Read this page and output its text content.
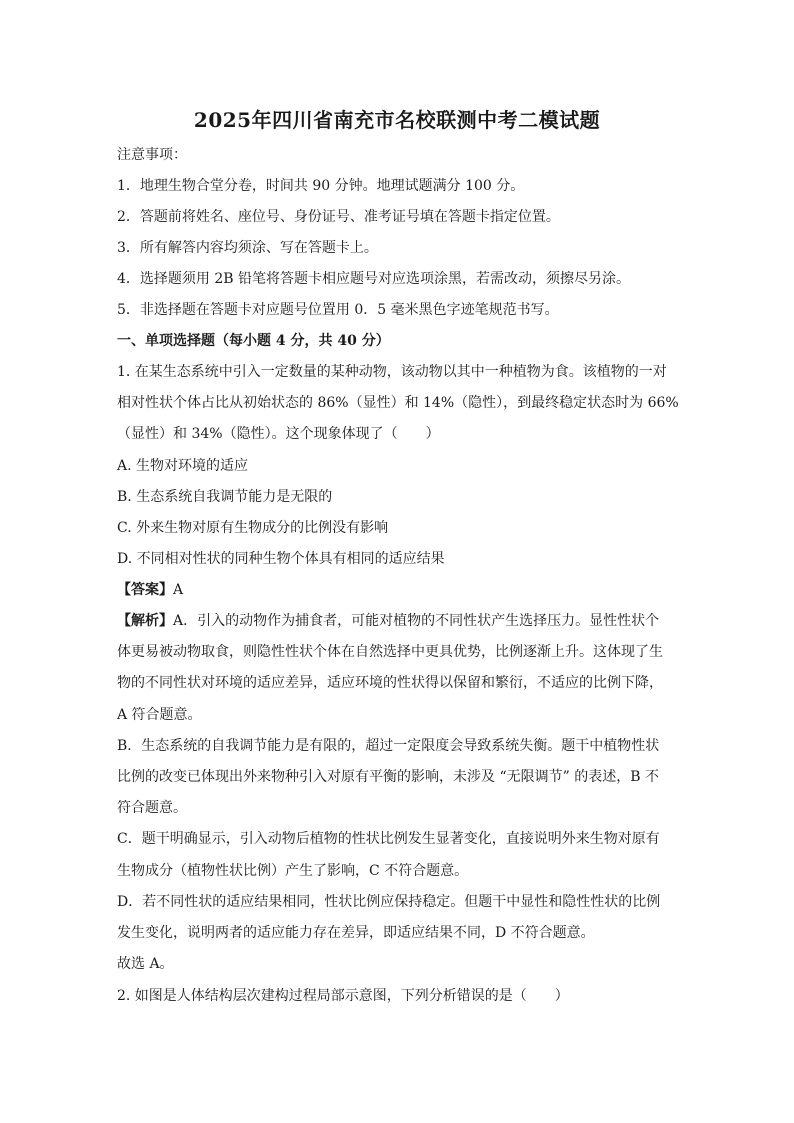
2025年四川省南充市名校联测中考二模试题
注意事项：
1．地理生物合堂分卷，时间共 90 分钟。地理试题满分 100 分。
2．答题前将姓名、座位号、身份证号、准考证号填在答题卡指定位置。
3．所有解答内容均须涂、写在答题卡上。
4．选择题须用 2B 铅笔将答题卡相应题号对应选项涂黑，若需改动，须擦尽另涂。
5．非选择题在答题卡对应题号位置用 0．5 毫米黑色字迹笔规范书写。
一、单项选择题（每小题 4 分，共 40 分）
1. 在某生态系统中引入一定数量的某种动物，该动物以其中一种植物为食。该植物的一对
相对性状个体占比从初始状态的 86%（显性）和 14%（隐性），到最终稳定状态时为 66%
（显性）和 34%（隐性）。这个现象体现了（　　）
A. 生物对环境的适应
B. 生态系统自我调节能力是无限的
C. 外来生物对原有生物成分的比例没有影响
D. 不同相对性状的同种生物个体具有相同的适应结果
【答案】A
【解析】A．引入的动物作为捕食者，可能对植物的不同性状产生选择压力。显性性状个
体更易被动物取食，则隐性性状个体在自然选择中更具优势，比例逐渐上升。这体现了生
物的不同性状对环境的适应差异，适应环境的性状得以保留和繁衍，不适应的比例下降，
A 符合题意。
B．生态系统的自我调节能力是有限的，超过一定限度会导致系统失衡。题干中植物性状
比例的改变已体现出外来物种引入对原有平衡的影响，未涉及 “无限调节” 的表述，B 不
符合题意。
C．题干明确显示，引入动物后植物的性状比例发生显著变化，直接说明外来生物对原有
生物成分（植物性状比例）产生了影响，C 不符合题意。
D．若不同性状的适应结果相同，性状比例应保持稳定。但题干中显性和隐性性状的比例
发生变化，说明两者的适应能力存在差异，即适应结果不同，D 不符合题意。
故选 A。
2. 如图是人体结构层次建构过程局部示意图，下列分析错误的是（　　）
